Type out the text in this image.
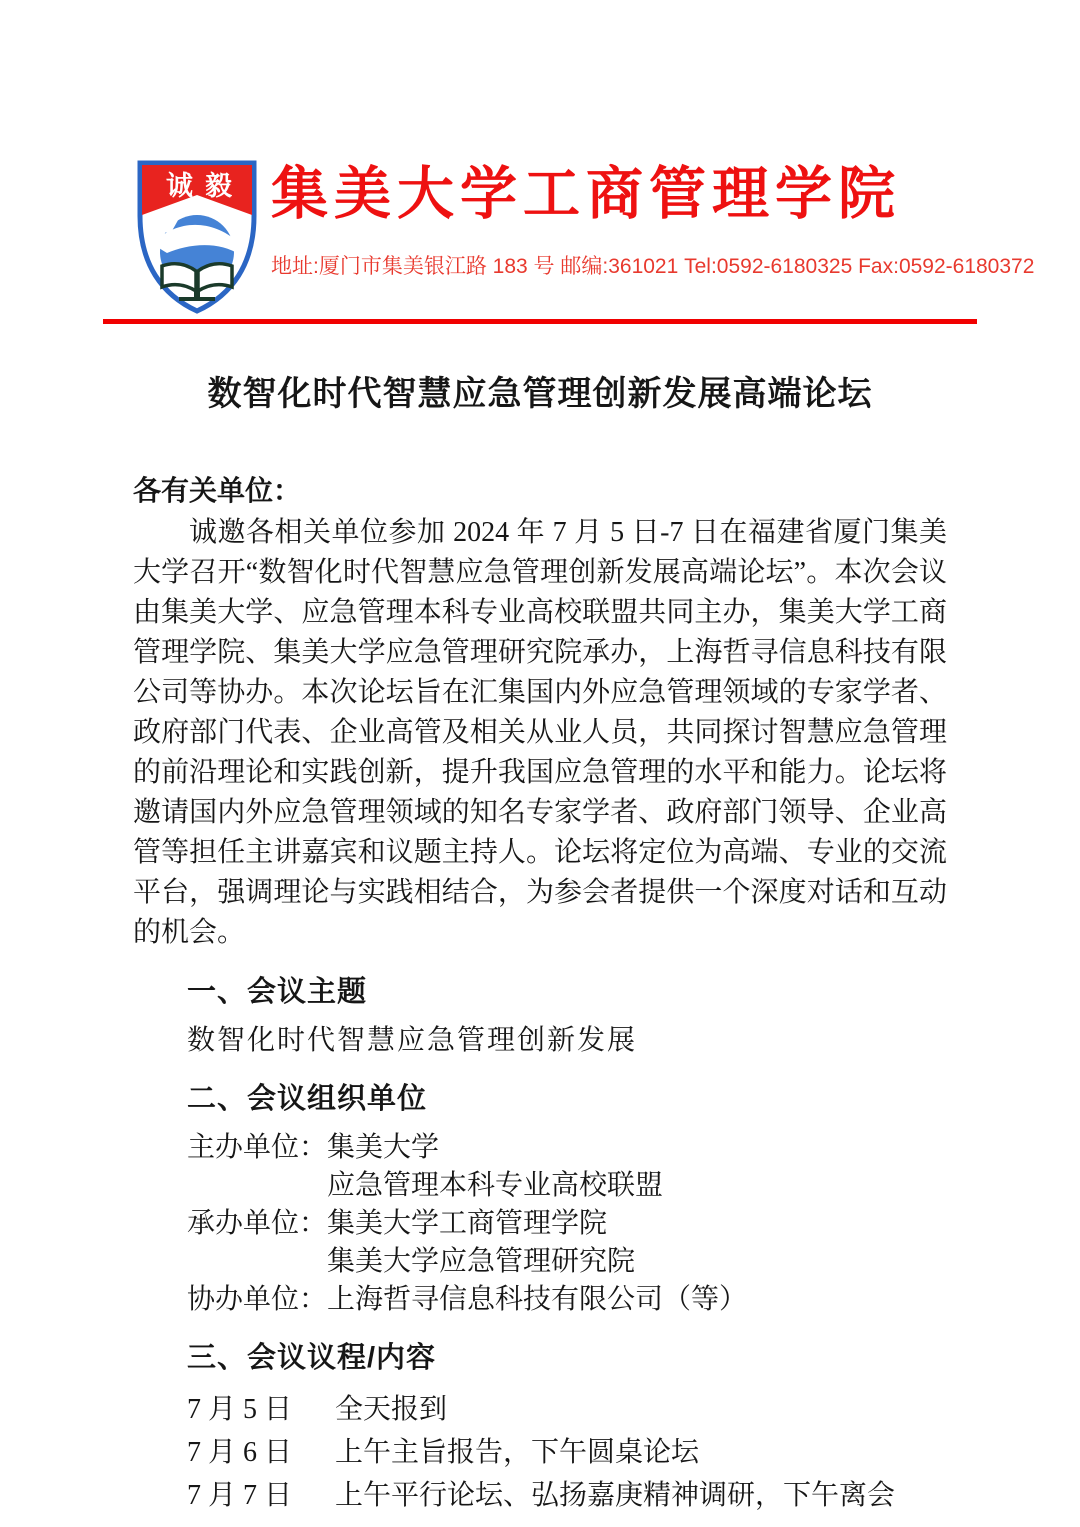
诚 毅 集美大学工商管理学院
地址:厦门市集美银江路 183 号 邮编:361021 Tel:0592-6180325 Fax:0592-6180372
数智化时代智慧应急管理创新发展高端论坛
各有关单位：

诚邀各相关单位参加 2024 年 7 月 5 日-7 日在福建省厦门集美大学召开“数智化时代智慧应急管理创新发展高端论坛”。本次会议由集美大学、应急管理本科专业高校联盟共同主办，集美大学工商管理学院、集美大学应急管理研究院承办，上海哲寻信息科技有限公司等协办。本次论坛旨在汇集国内外应急管理领域的专家学者、政府部门代表、企业高管及相关从业人员，共同探讨智慧应急管理的前沿理论和实践创新，提升我国应急管理的水平和能力。论坛将邀请国内外应急管理领域的知名专家学者、政府部门领导、企业高管等担任主讲嘉宾和议题主持人。论坛将定位为高端、专业的交流平台，强调理论与实践相结合，为参会者提供一个深度对话和互动的机会。

一、会议主题
数智化时代智慧应急管理创新发展
二、会议组织单位
主办单位： 集美大学
应急管理本科专业高校联盟
承办单位： 集美大学工商管理学院
集美大学应急管理研究院
协办单位： 上海哲寻信息科技有限公司（等）
三、会议议程/内容
7 月 5 日	全天报到
7 月 6 日	上午主旨报告，下午圆桌论坛
7 月 7 日	上午平行论坛、弘扬嘉庚精神调研，下午离会
